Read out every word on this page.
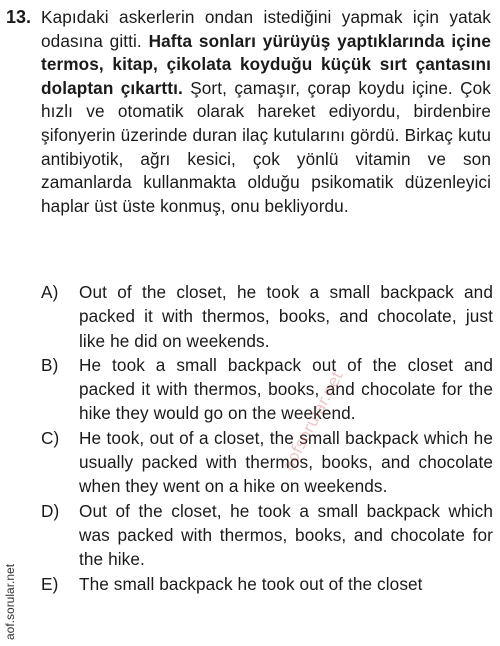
13. Kapıdaki askerlerin ondan istediğini yapmak için yatak odasına gitti. Hafta sonları yürüyüş yaptıklarında içine termos, kitap, çikolata koyduğu küçük sırt çantasını dolaptan çıkarttı. Şort, çamaşır, çorap koydu içine. Çok hızlı ve otomatik olarak hareket ediyordu, birdenbire şifonyerin üzerinde duran ilaç kutularını gördü. Birkaç kutu antibiyotik, ağrı kesici, çok yönlü vitamin ve son zamanlarda kullanmakta olduğu psikomatik düzenleyici haplar üst üste konmuş, onu bekliyordu.
A) Out of the closet, he took a small backpack and packed it with thermos, books, and chocolate, just like he did on weekends.
B) He took a small backpack out of the closet and packed it with thermos, books, and chocolate for the hike they would go on the weekend.
C) He took, out of a closet, the small backpack which he usually packed with thermos, books, and chocolate when they went on a hike on weekends.
D) Out of the closet, he took a small backpack which was packed with thermos, books, and chocolate for the hike.
E) The small backpack he took out of the closet
aof.sorular.net
aofsorular.net
